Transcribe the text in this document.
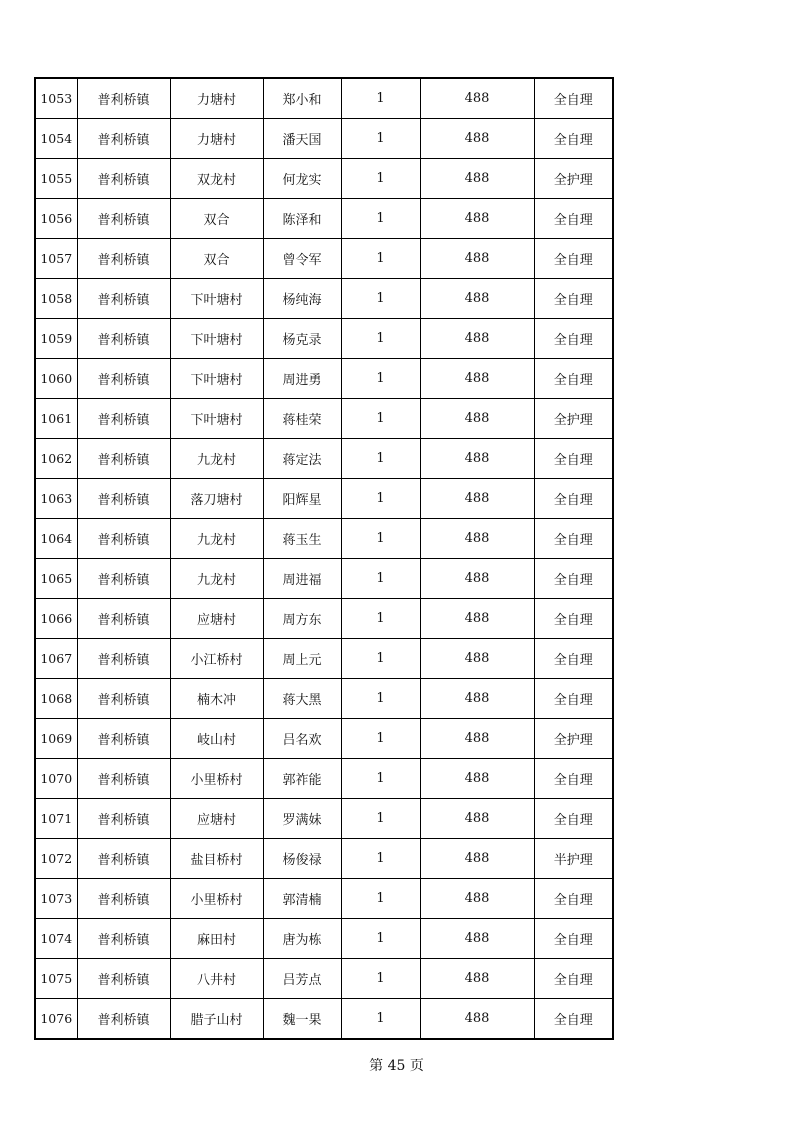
1053	普利桥镇	力塘村	郑小和	1	488	全自理
1054	普利桥镇	力塘村	潘天国	1	488	全自理
1055	普利桥镇	双龙村	何龙实	1	488	全护理
1056	普利桥镇	双合	陈泽和	1	488	全自理
1057	普利桥镇	双合	曾令军	1	488	全自理
1058	普利桥镇	下叶塘村	杨纯海	1	488	全自理
1059	普利桥镇	下叶塘村	杨克录	1	488	全自理
1060	普利桥镇	下叶塘村	周进勇	1	488	全自理
1061	普利桥镇	下叶塘村	蒋桂荣	1	488	全护理
1062	普利桥镇	九龙村	蒋定法	1	488	全自理
1063	普利桥镇	落刀塘村	阳辉星	1	488	全自理
1064	普利桥镇	九龙村	蒋玉生	1	488	全自理
1065	普利桥镇	九龙村	周进福	1	488	全自理
1066	普利桥镇	应塘村	周方东	1	488	全自理
1067	普利桥镇	小江桥村	周上元	1	488	全自理
1068	普利桥镇	楠木冲	蒋大黑	1	488	全自理
1069	普利桥镇	岐山村	吕名欢	1	488	全护理
1070	普利桥镇	小里桥村	郭祚能	1	488	全自理
1071	普利桥镇	应塘村	罗满妹	1	488	全自理
1072	普利桥镇	盐目桥村	杨俊禄	1	488	半护理
1073	普利桥镇	小里桥村	郭清楠	1	488	全自理
1074	普利桥镇	麻田村	唐为栋	1	488	全自理
1075	普利桥镇	八井村	吕芳点	1	488	全自理
1076	普利桥镇	腊子山村	魏一果	1	488	全自理
第 45 页
